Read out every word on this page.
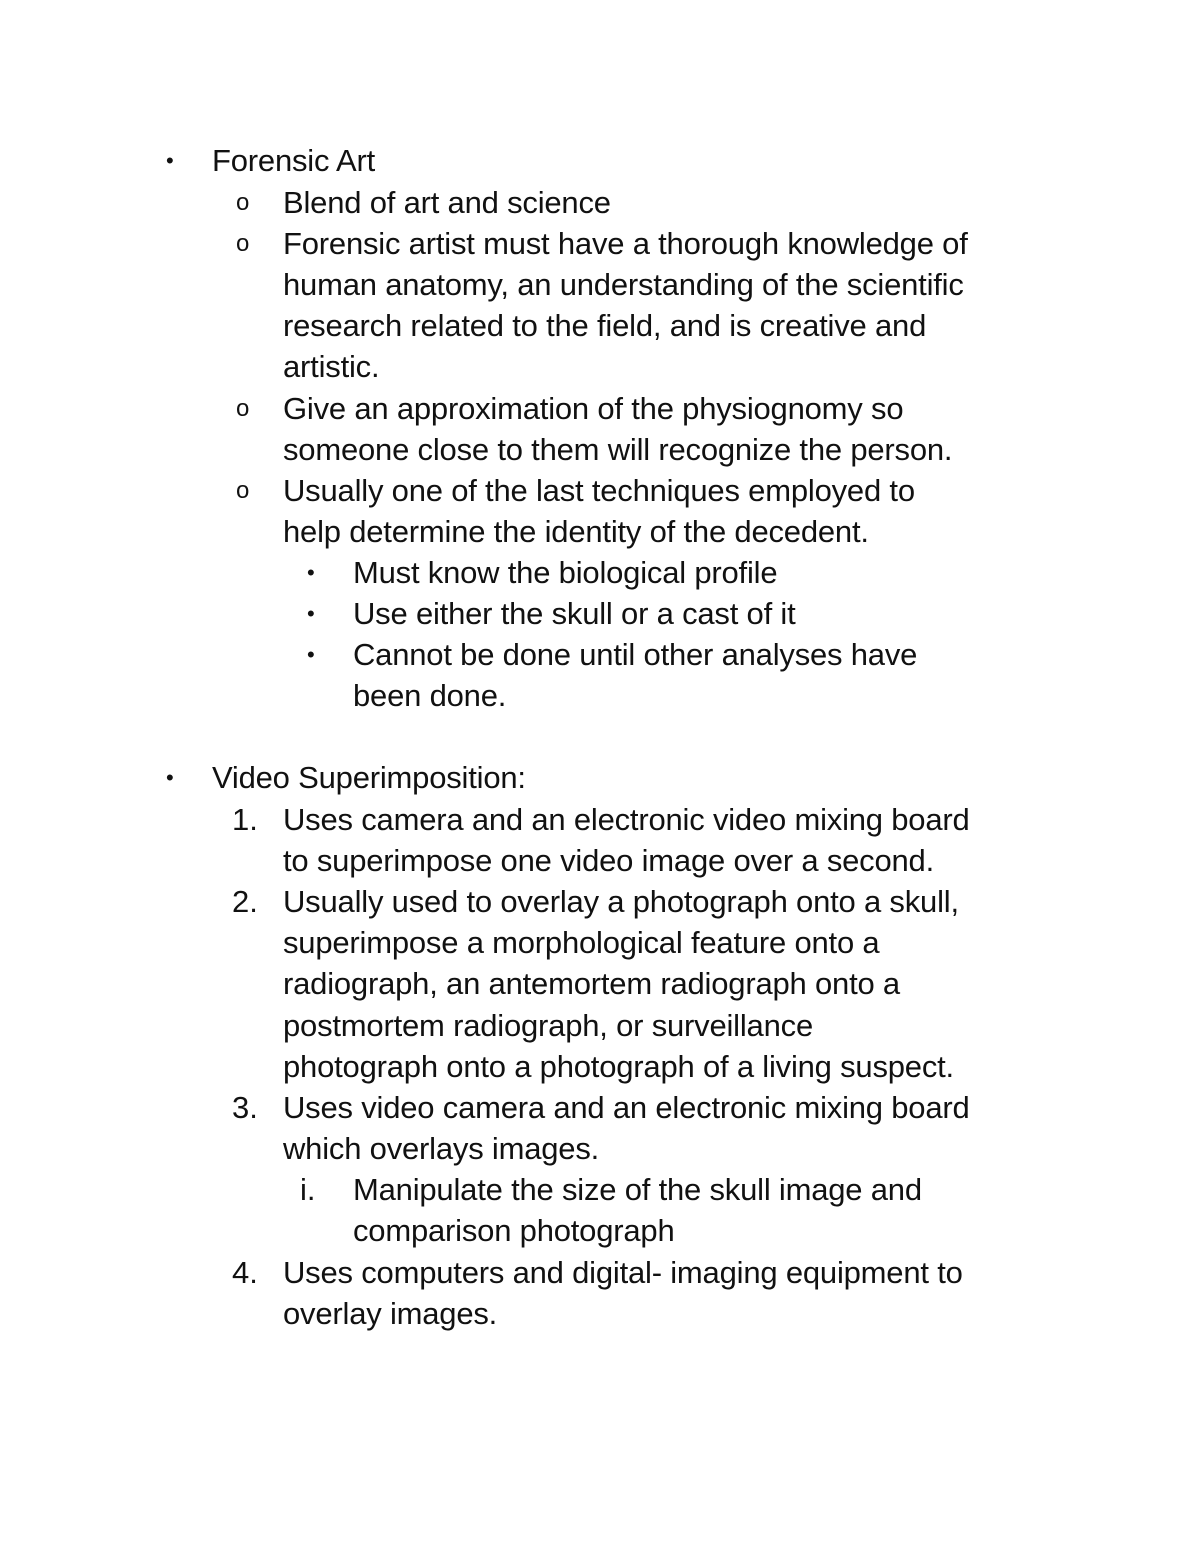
• Forensic Art
o Blend of art and science
o Forensic artist must have a thorough knowledge of
human anatomy, an understanding of the scientific
research related to the field, and is creative and
artistic.
o Give an approximation of the physiognomy so
someone close to them will recognize the person.
o Usually one of the last techniques employed to
help determine the identity of the decedent.
• Must know the biological profile
• Use either the skull or a cast of it
• Cannot be done until other analyses have
been done.
• Video Superimposition:
1. Uses camera and an electronic video mixing board
to superimpose one video image over a second.
2. Usually used to overlay a photograph onto a skull,
superimpose a morphological feature onto a
radiograph, an antemortem radiograph onto a
postmortem radiograph, or surveillance
photograph onto a photograph of a living suspect.
3. Uses video camera and an electronic mixing board
which overlays images.
i. Manipulate the size of the skull image and
comparison photograph
4. Uses computers and digital- imaging equipment to
overlay images.
